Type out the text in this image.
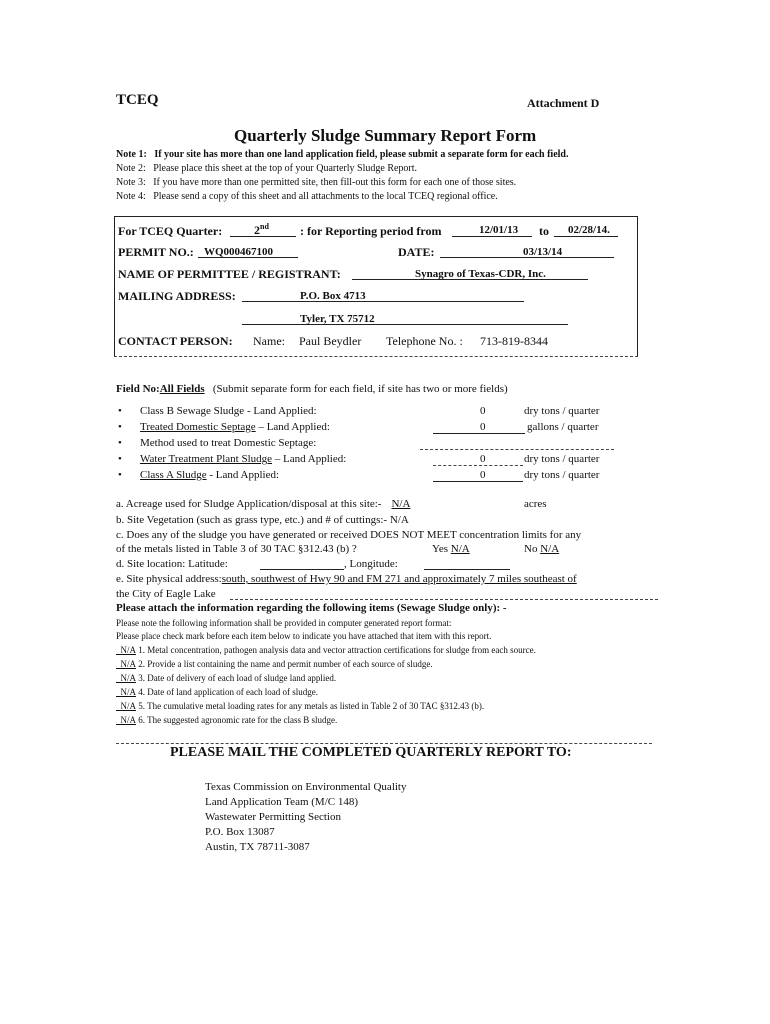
TCEQ	Attachment D
Quarterly Sludge Summary Report Form
Note 1: If your site has more than one land application field, please submit a separate form for each field.
Note 2: Please place this sheet at the top of your Quarterly Sludge Report.
Note 3: If you have more than one permitted site, then fill-out this form for each one of those sites.
Note 4: Please send a copy of this sheet and all attachments to the local TCEQ regional office.
For TCEQ Quarter:	2nd	: for Reporting period from	12/01/13 to 02/28/14.
PERMIT NO.: WQ000467100	DATE:	03/13/14
NAME OF PERMITTEE / REGISTRANT:	Synagro of Texas-CDR, Inc.
MAILING ADDRESS:	P.O. Box 4713
Tyler, TX 75712
CONTACT PERSON: Name: Paul Beydler Telephone No. : 713-819-8344
Field No:All Fields (Submit separate form for each field, if site has two or more fields)
• Class B Sewage Sludge - Land Applied:	0	dry tons / quarter
• Treated Domestic Septage – Land Applied:	0	gallons / quarter
• Method used to treat Domestic Septage:
• Water Treatment Plant Sludge – Land Applied:	0	dry tons / quarter
• Class A Sludge - Land Applied:	0	dry tons / quarter
a. Acreage used for Sludge Application/disposal at this site:- N/A	acres
b. Site Vegetation (such as grass type, etc.) and # of cuttings:- N/A
c. Does any of the sludge you have generated or received DOES NOT MEET concentration limits for any
of the metals listed in Table 3 of 30 TAC §312.43 (b) ?	Yes N/A	No N/A
d. Site location: Latitude:	, Longitude:
e. Site physical address:south, southwest of Hwy 90 and FM 271 and approximately 7 miles southeast of
the City of Eagle Lake
Please attach the information regarding the following items (Sewage Sludge only): -
Please note the following information shall be provided in computer generated report format:
Please place check mark before each item below to indicate you have attached that item with this report.
N/A 1. Metal concentration, pathogen analysis data and vector attraction certifications for sludge from each source.
N/A 2. Provide a list containing the name and permit number of each source of sludge.
N/A 3. Date of delivery of each load of sludge land applied.
N/A 4. Date of land application of each load of sludge.
N/A 5. The cumulative metal loading rates for any metals as listed in Table 2 of 30 TAC §312.43 (b).
N/A 6. The suggested agronomic rate for the class B sludge.
PLEASE MAIL THE COMPLETED QUARTERLY REPORT TO:
Texas Commission on Environmental Quality
Land Application Team (M/C 148)
Wastewater Permitting Section
P.O. Box 13087
Austin, TX 78711-3087
